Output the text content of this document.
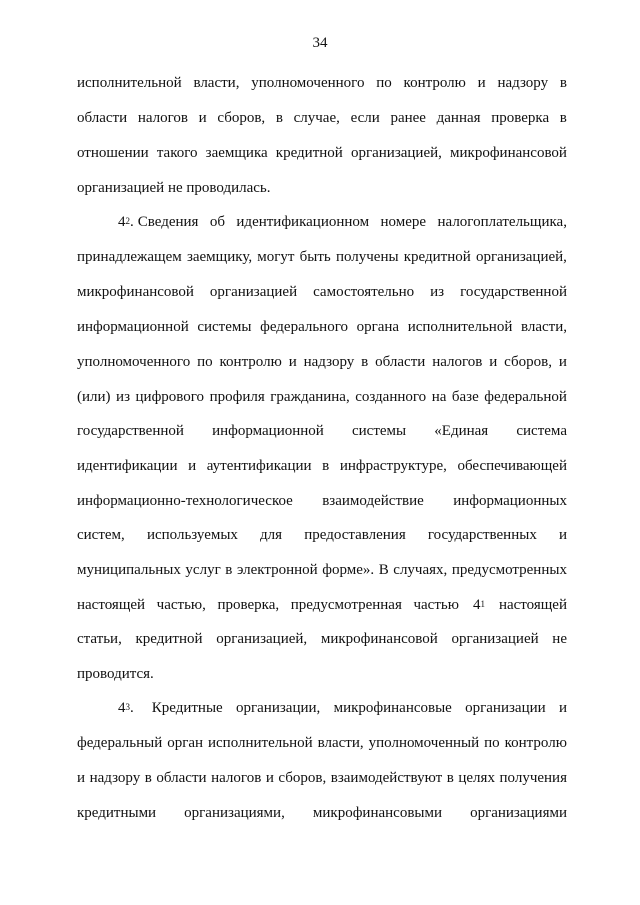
34
исполнительной власти, уполномоченного по контролю и надзору в
области налогов и сборов, в случае, если ранее данная проверка в
отношении такого заемщика кредитной организацией, микрофинансовой
организацией не проводилась.
$4^2$. Сведения об идентификационном номере налогоплательщика,
принадлежащем заемщику, могут быть получены кредитной организацией,
микрофинансовой организацией самостоятельно из государственной
информационной системы федерального органа исполнительной власти,
уполномоченного по контролю и надзору в области налогов и сборов, и
(или) из цифрового профиля гражданина, созданного на базе федеральной
государственной информационной системы «Единая система
идентификации и аутентификации в инфраструктуре, обеспечивающей
информационно-технологическое взаимодействие информационных
систем, используемых для предоставления государственных и
муниципальных услуг в электронной форме». В случаях, предусмотренных
настоящей частью, проверка, предусмотренная частью $4^1$ настоящей
статьи, кредитной организацией, микрофинансовой организацией не
проводится.
$4^3$. Кредитные организации, микрофинансовые организации и
федеральный орган исполнительной власти, уполномоченный по контролю
и надзору в области налогов и сборов, взаимодействуют в целях получения
кредитными организациями, микрофинансовыми организациями
